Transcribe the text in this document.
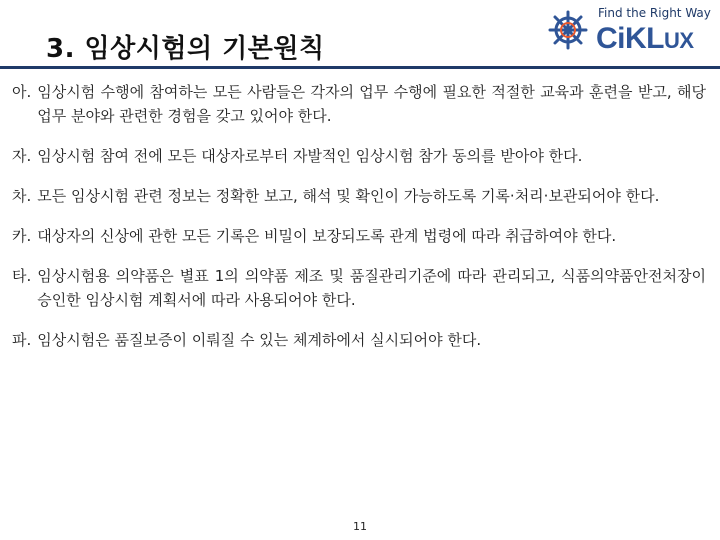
3. 임상시험의 기본원칙
Find the Right Way
CiKLUX
아. 임상시험 수행에 참여하는 모든 사람들은 각자의 업무 수행에 필요한 적절한 교육과 훈련을 받고, 해당 업무 분야와 관련한 경험을 갖고 있어야 한다.
자. 임상시험 참여 전에 모든 대상자로부터 자발적인 임상시험 참가 동의를 받아야 한다.
차. 모든 임상시험 관련 정보는 정확한 보고, 해석 및 확인이 가능하도록 기록·처리·보관되어야 한다.
카. 대상자의 신상에 관한 모든 기록은 비밀이 보장되도록 관계 법령에 따라 취급하여야 한다.
타. 임상시험용 의약품은 별표 1의 의약품 제조 및 품질관리기준에 따라 관리되고, 식품의약품안전처장이 승인한 임상시험 계획서에 따라 사용되어야 한다.
파. 임상시험은 품질보증이 이뤄질 수 있는 체계하에서 실시되어야 한다.
11
